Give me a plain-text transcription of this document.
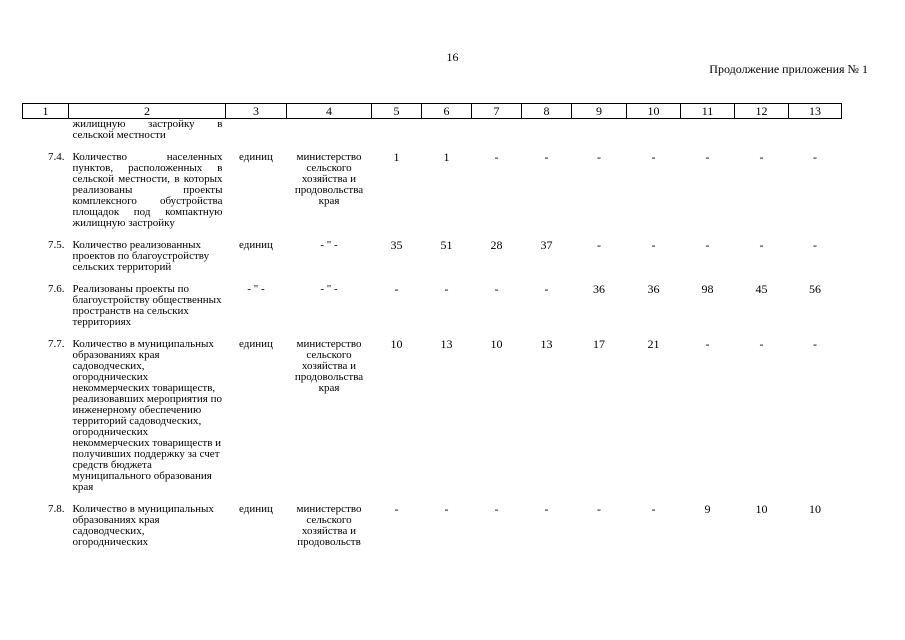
16
Продолжение приложения № 1
1	2	3	4	5	6	7	8	9	10	11	12	13
	жилищную застройку в сельской местности											
7.4.	Количество населенных пунктов, расположенных в сельской местности, в которых реализованы проекты комплексного обустройства площадок под компактную жилищную застройку	единиц	министерство сельского хозяйства и продовольства края	1	1	-	-	-	-	-	-	-
7.5.	Количество реализованных проектов по благоустройству сельских территорий	единиц	- " -	35	51	28	37	-	-	-	-	-
7.6.	Реализованы проекты по благоустройству общественных пространств на сельских территориях	- " -	- " -	-	-	-	-	36	36	98	45	56
7.7.	Количество в муниципальных образованиях края садоводческих, огороднических некоммерческих товариществ, реализовавших мероприятия по инженерному обеспечению территорий садоводческих, огороднических некоммерческих товариществ и получивших поддержку за счет средств бюджета муниципального образования края	единиц	министерство сельского хозяйства и продовольства края	10	13	10	13	17	21	-	-	-
7.8.	Количество в муниципальных образованиях края садоводческих, огороднических	единиц	министерство сельского хозяйства и продовольств	-	-	-	-	-	-	9	10	10
